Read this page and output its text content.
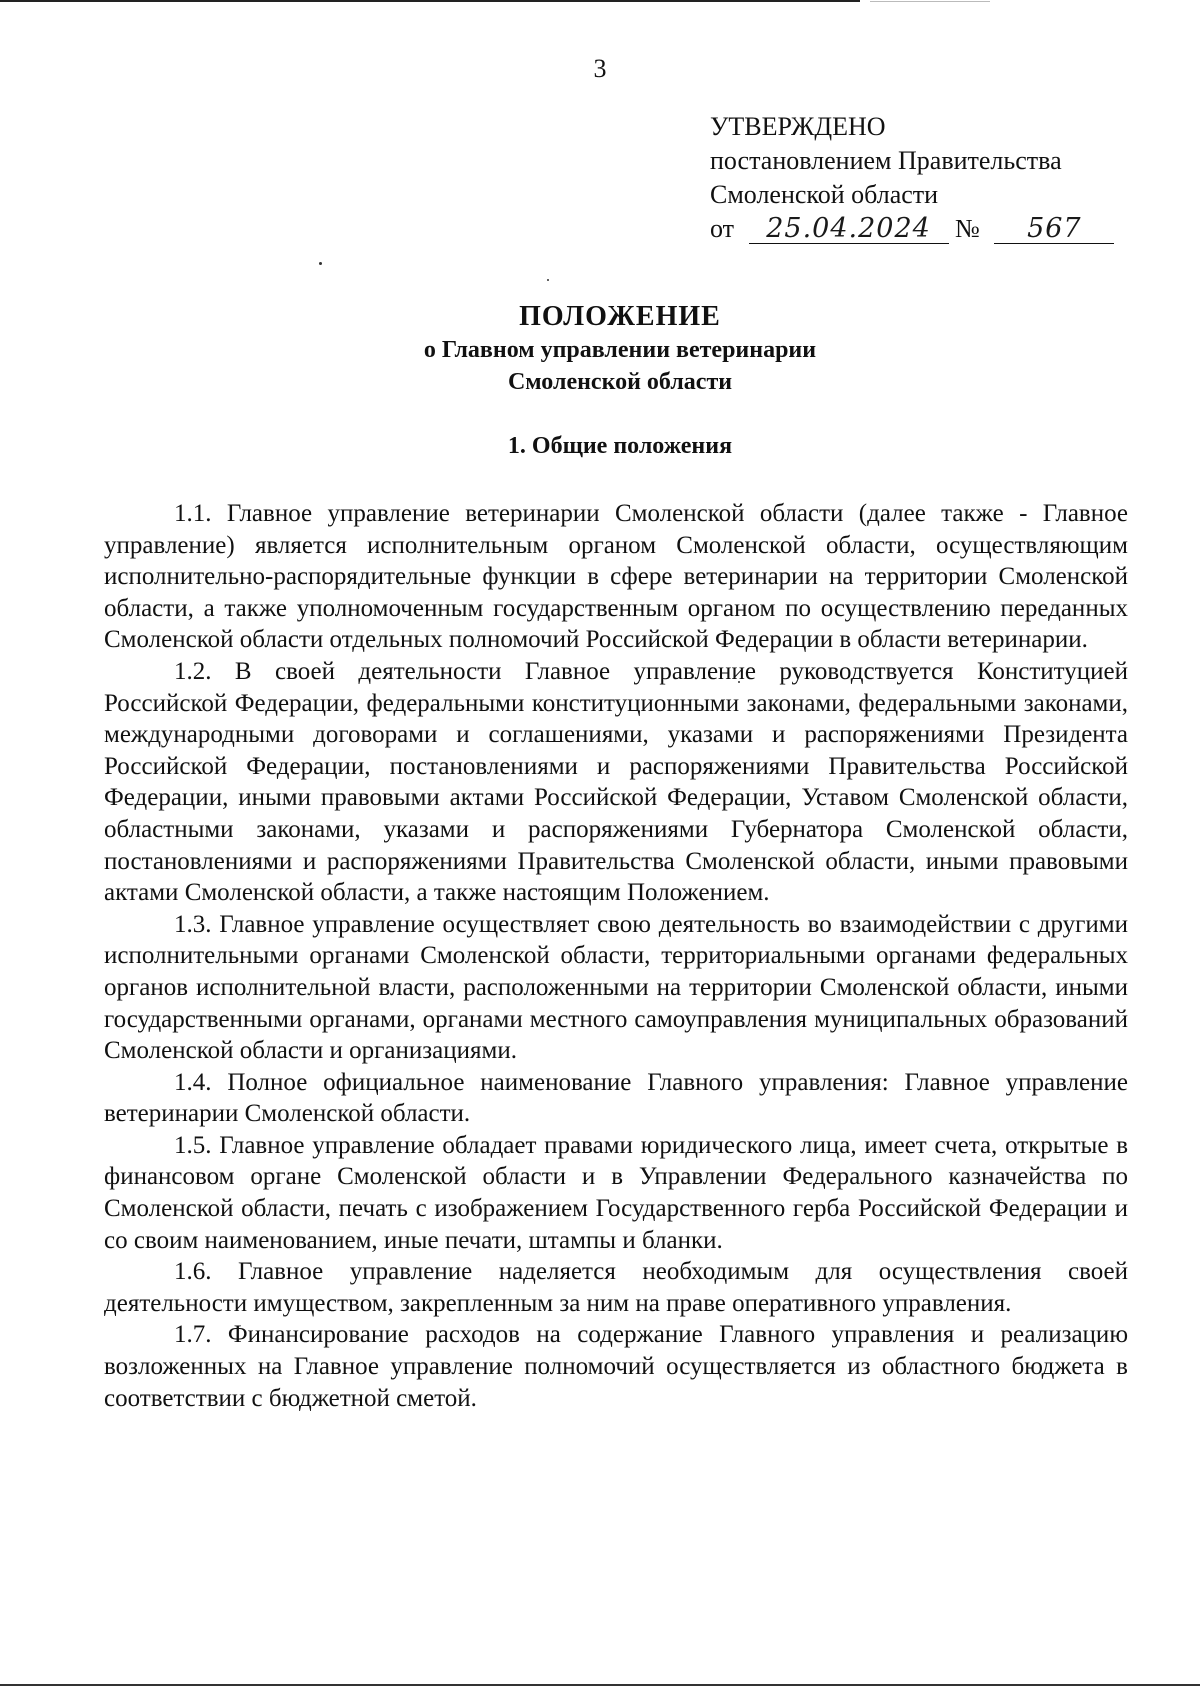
3
УТВЕРЖДЕНО
постановлением Правительства
Смоленской области
от 25.04.2024 № 567
ПОЛОЖЕНИЕ
о Главном управлении ветеринарии
Смоленской области
1. Общие положения

1.1. Главное управление ветеринарии Смоленской области (далее также - Главное управление) является исполнительным органом Смоленской области, осуществляющим исполнительно-распорядительные функции в сфере ветеринарии на территории Смоленской области, а также уполномоченным государственным органом по осуществлению переданных Смоленской области отдельных полномочий Российской Федерации в области ветеринарии.

1.2. В своей деятельности Главное управление руководствуется Конституцией Российской Федерации, федеральными конституционными законами, федеральными законами, международными договорами и соглашениями, указами и распоряжениями Президента Российской Федерации, постановлениями и распоряжениями Правительства Российской Федерации, иными правовыми актами Российской Федерации, Уставом Смоленской области, областными законами, указами и распоряжениями Губернатора Смоленской области, постановлениями и распоряжениями Правительства Смоленской области, иными правовыми актами Смоленской области, а также настоящим Положением.

1.3. Главное управление осуществляет свою деятельность во взаимодействии с другими исполнительными органами Смоленской области, территориальными органами федеральных органов исполнительной власти, расположенными на территории Смоленской области, иными государственными органами, органами местного самоуправления муниципальных образований Смоленской области и организациями.

1.4. Полное официальное наименование Главного управления: Главное управление ветеринарии Смоленской области.

1.5. Главное управление обладает правами юридического лица, имеет счета, открытые в финансовом органе Смоленской области и в Управлении Федерального казначейства по Смоленской области, печать с изображением Государственного герба Российской Федерации и со своим наименованием, иные печати, штампы и бланки.

1.6. Главное управление наделяется необходимым для осуществления своей деятельности имуществом, закрепленным за ним на праве оперативного управления.

1.7. Финансирование расходов на содержание Главного управления и реализацию возложенных на Главное управление полномочий осуществляется из областного бюджета в соответствии с бюджетной сметой.
